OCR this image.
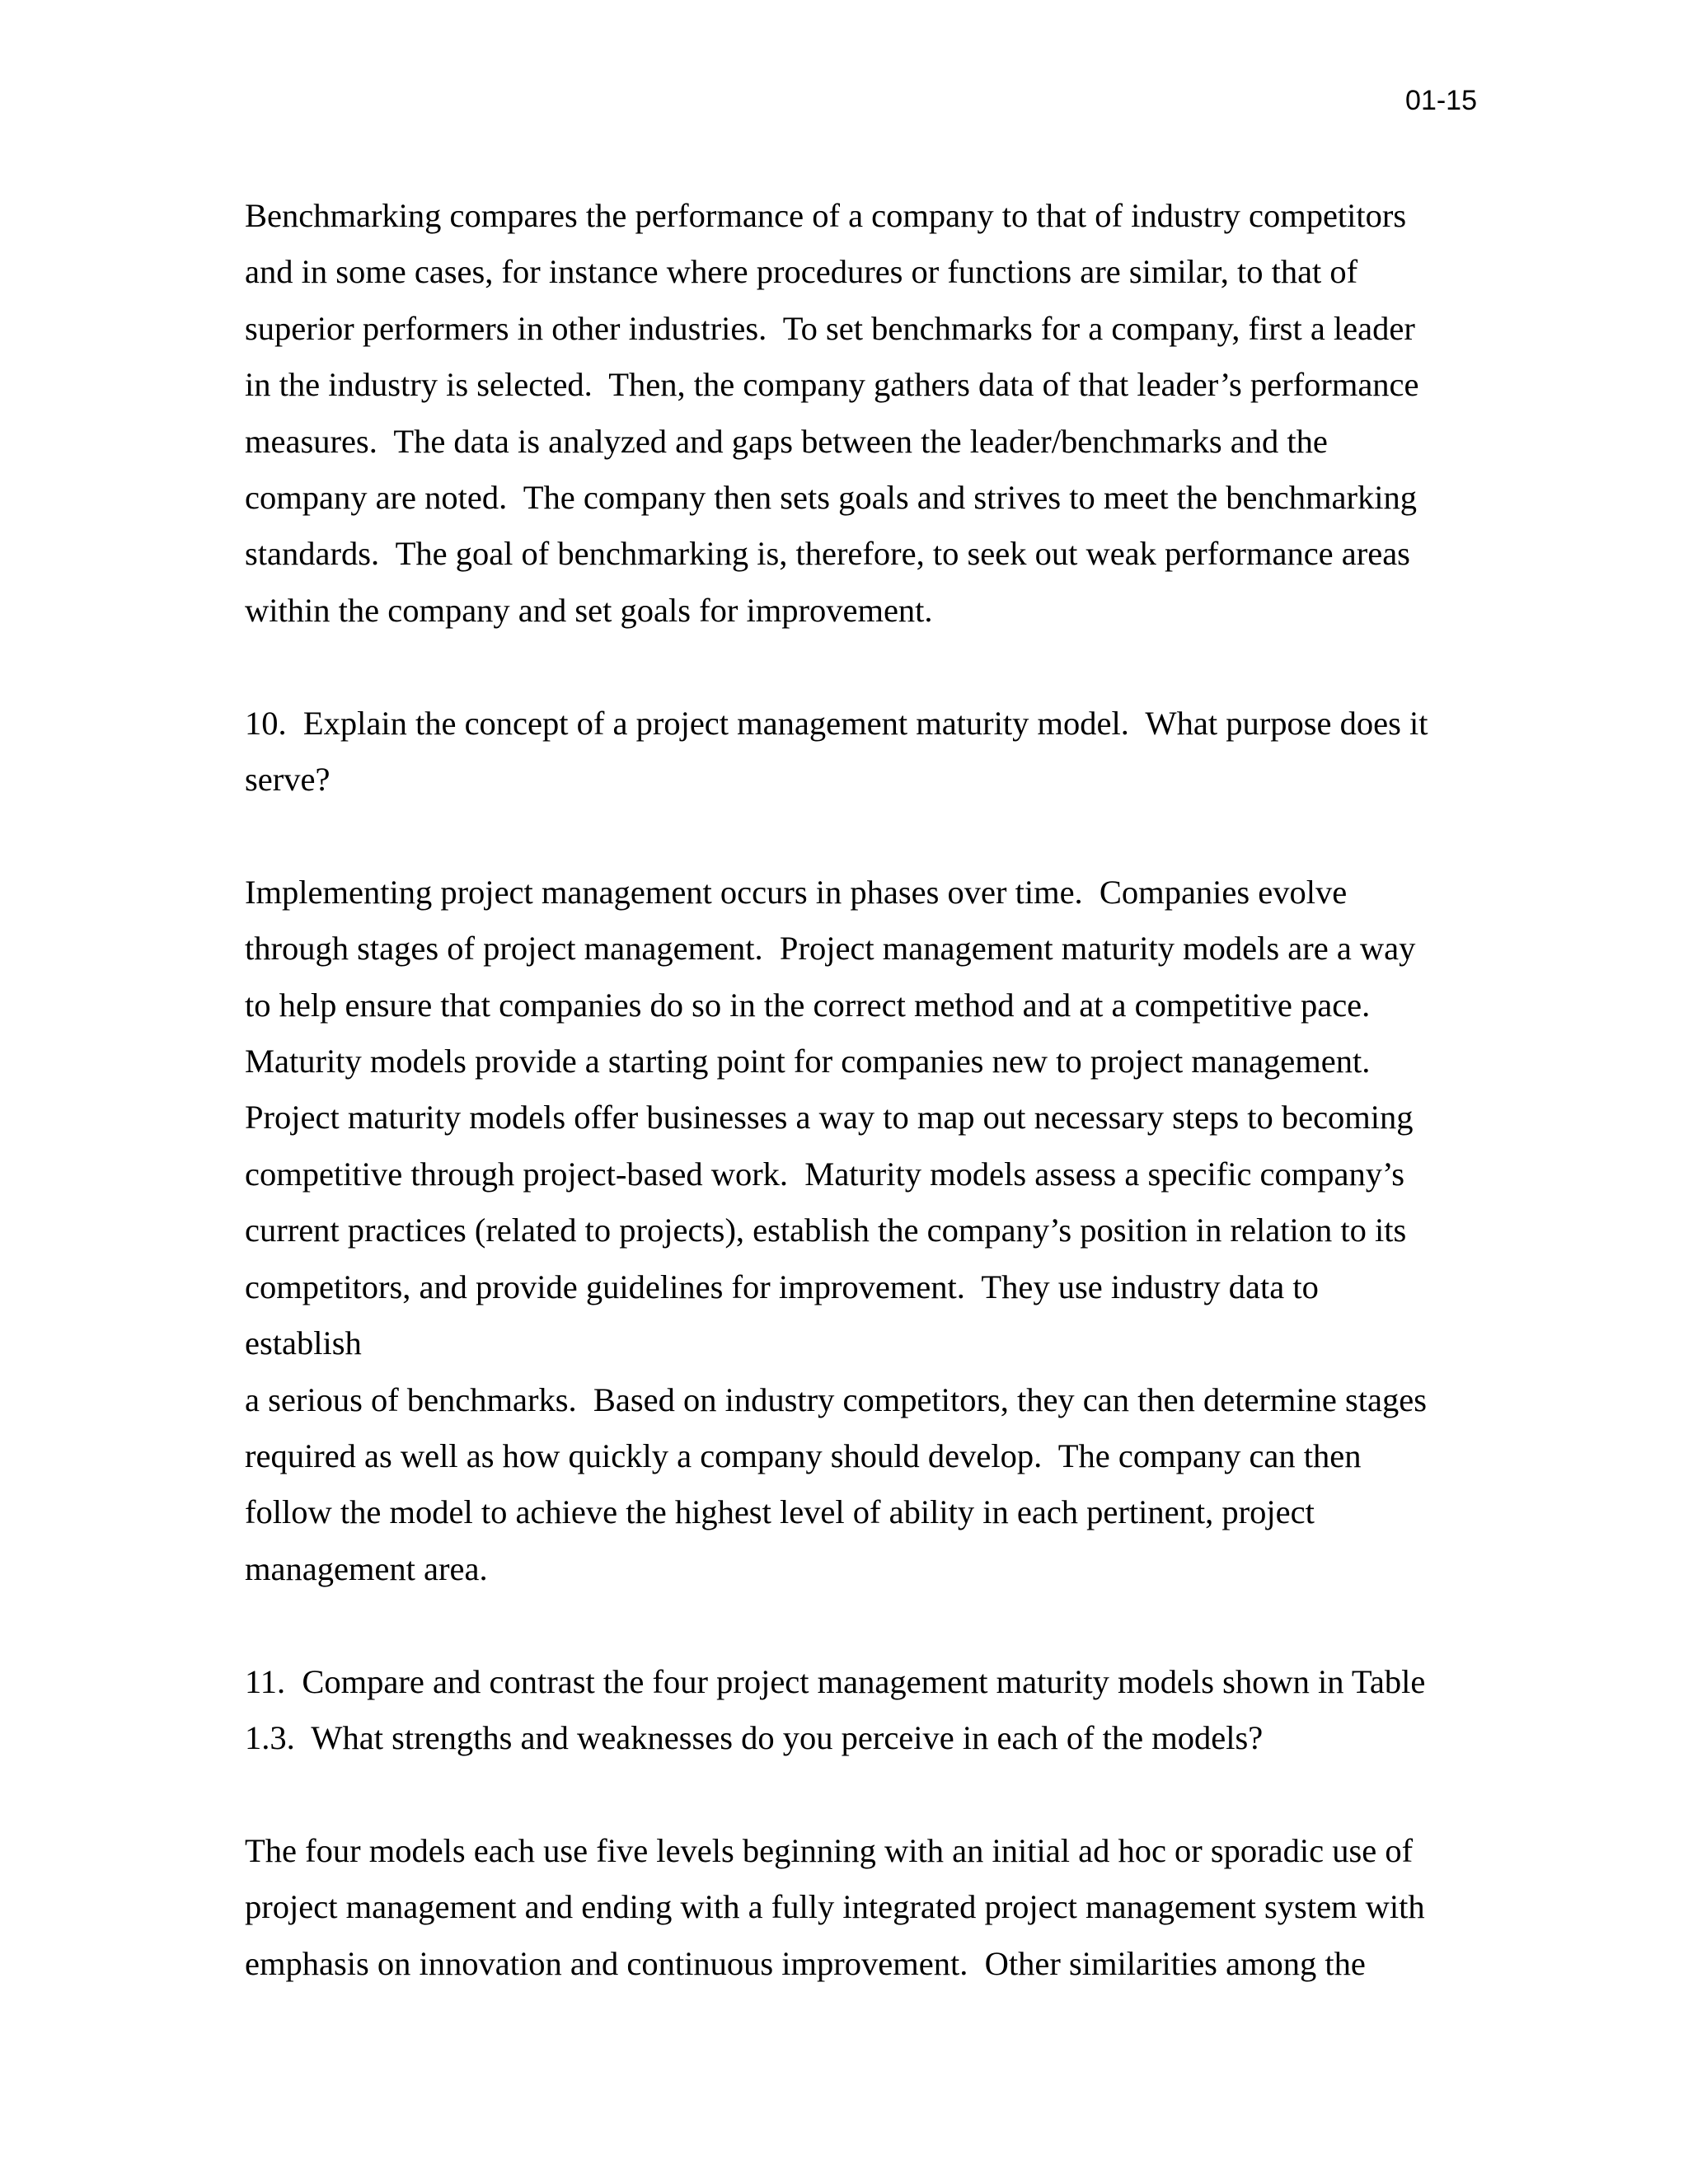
01-15

Benchmarking compares the performance of a company to that of industry competitors
and in some cases, for instance where procedures or functions are similar, to that of
superior performers in other industries.  To set benchmarks for a company, first a leader
in the industry is selected.  Then, the company gathers data of that leader’s performance
measures.  The data is analyzed and gaps between the leader/benchmarks and the
company are noted.  The company then sets goals and strives to meet the benchmarking
standards.  The goal of benchmarking is, therefore, to seek out weak performance areas
within the company and set goals for improvement.

10.  Explain the concept of a project management maturity model.  What purpose does it
serve?

Implementing project management occurs in phases over time.  Companies evolve
through stages of project management.  Project management maturity models are a way
to help ensure that companies do so in the correct method and at a competitive pace.
Maturity models provide a starting point for companies new to project management.
Project maturity models offer businesses a way to map out necessary steps to becoming
competitive through project-based work.  Maturity models assess a specific company’s
current practices (related to projects), establish the company’s position in relation to its
competitors, and provide guidelines for improvement.  They use industry data to establish
a serious of benchmarks.  Based on industry competitors, they can then determine stages
required as well as how quickly a company should develop.  The company can then
follow the model to achieve the highest level of ability in each pertinent, project
management area.

11.  Compare and contrast the four project management maturity models shown in Table
1.3.  What strengths and weaknesses do you perceive in each of the models?

The four models each use five levels beginning with an initial ad hoc or sporadic use of
project management and ending with a fully integrated project management system with
emphasis on innovation and continuous improvement.  Other similarities among the
